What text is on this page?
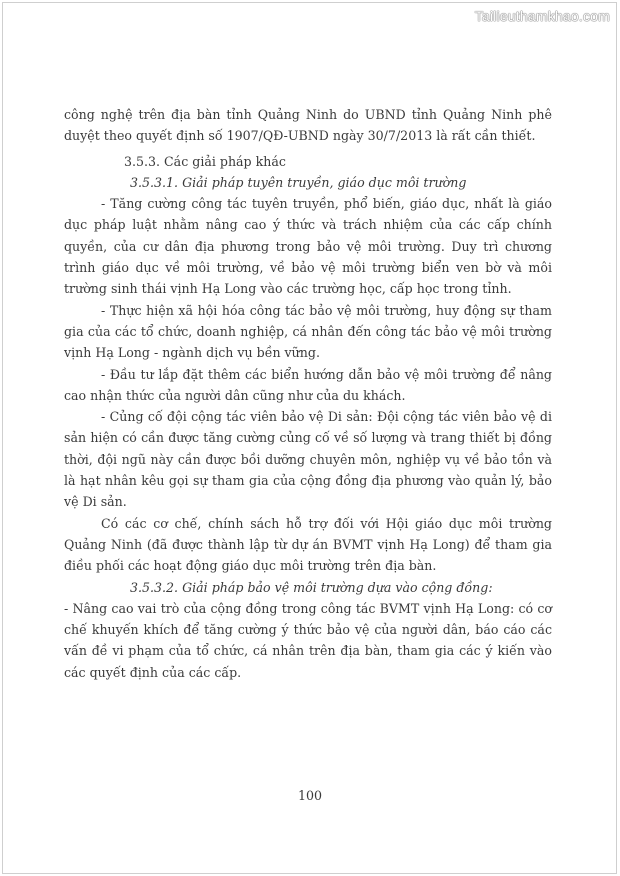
Tailieuthamkhao.com

công nghệ trên địa bàn tỉnh Quảng Ninh do UBND tỉnh Quảng Ninh phê duyệt theo quyết định số 1907/QĐ-UBND ngày 30/7/2013 là rất cần thiết.

3.5.3. Các giải pháp khác

3.5.3.1. Giải pháp tuyên truyền, giáo dục môi trường

- Tăng cường công tác tuyên truyền, phổ biến, giáo dục, nhất là giáo dục pháp luật nhằm nâng cao ý thức và trách nhiệm của các cấp chính quyền, của cư dân địa phương trong bảo vệ môi trường. Duy trì chương trình giáo dục về môi trường, về bảo vệ môi trường biển ven bờ và môi trường sinh thái vịnh Hạ Long vào các trường học, cấp học trong tỉnh.

- Thực hiện xã hội hóa công tác bảo vệ môi trường, huy động sự tham gia của các tổ chức, doanh nghiệp, cá nhân đến công tác bảo vệ môi trường vịnh Hạ Long - ngành dịch vụ bền vững.

- Đầu tư lắp đặt thêm các biển hướng dẫn bảo vệ môi trường để nâng cao nhận thức của người dân cũng như của du khách.

- Củng cố đội cộng tác viên bảo vệ Di sản: Đội cộng tác viên bảo vệ di sản hiện có cần được tăng cường củng cố về số lượng và trang thiết bị đồng thời, đội ngũ này cần được bồi dưỡng chuyên môn, nghiệp vụ về bảo tồn và là hạt nhân kêu gọi sự tham gia của cộng đồng địa phương vào quản lý, bảo vệ Di sản.

Có các cơ chế, chính sách hỗ trợ đối với Hội giáo dục môi trường Quảng Ninh (đã được thành lập từ dự án BVMT vịnh Hạ Long) để tham gia điều phối các hoạt động giáo dục môi trường trên địa bàn.

3.5.3.2. Giải pháp bảo vệ môi trường dựa vào cộng đồng:

- Nâng cao vai trò của cộng đồng trong công tác BVMT vịnh Hạ Long: có cơ chế khuyến khích để tăng cường ý thức bảo vệ của người dân, báo cáo các vấn đề vi phạm của tổ chức, cá nhân trên địa bàn, tham gia các ý kiến vào các quyết định của các cấp.

100
